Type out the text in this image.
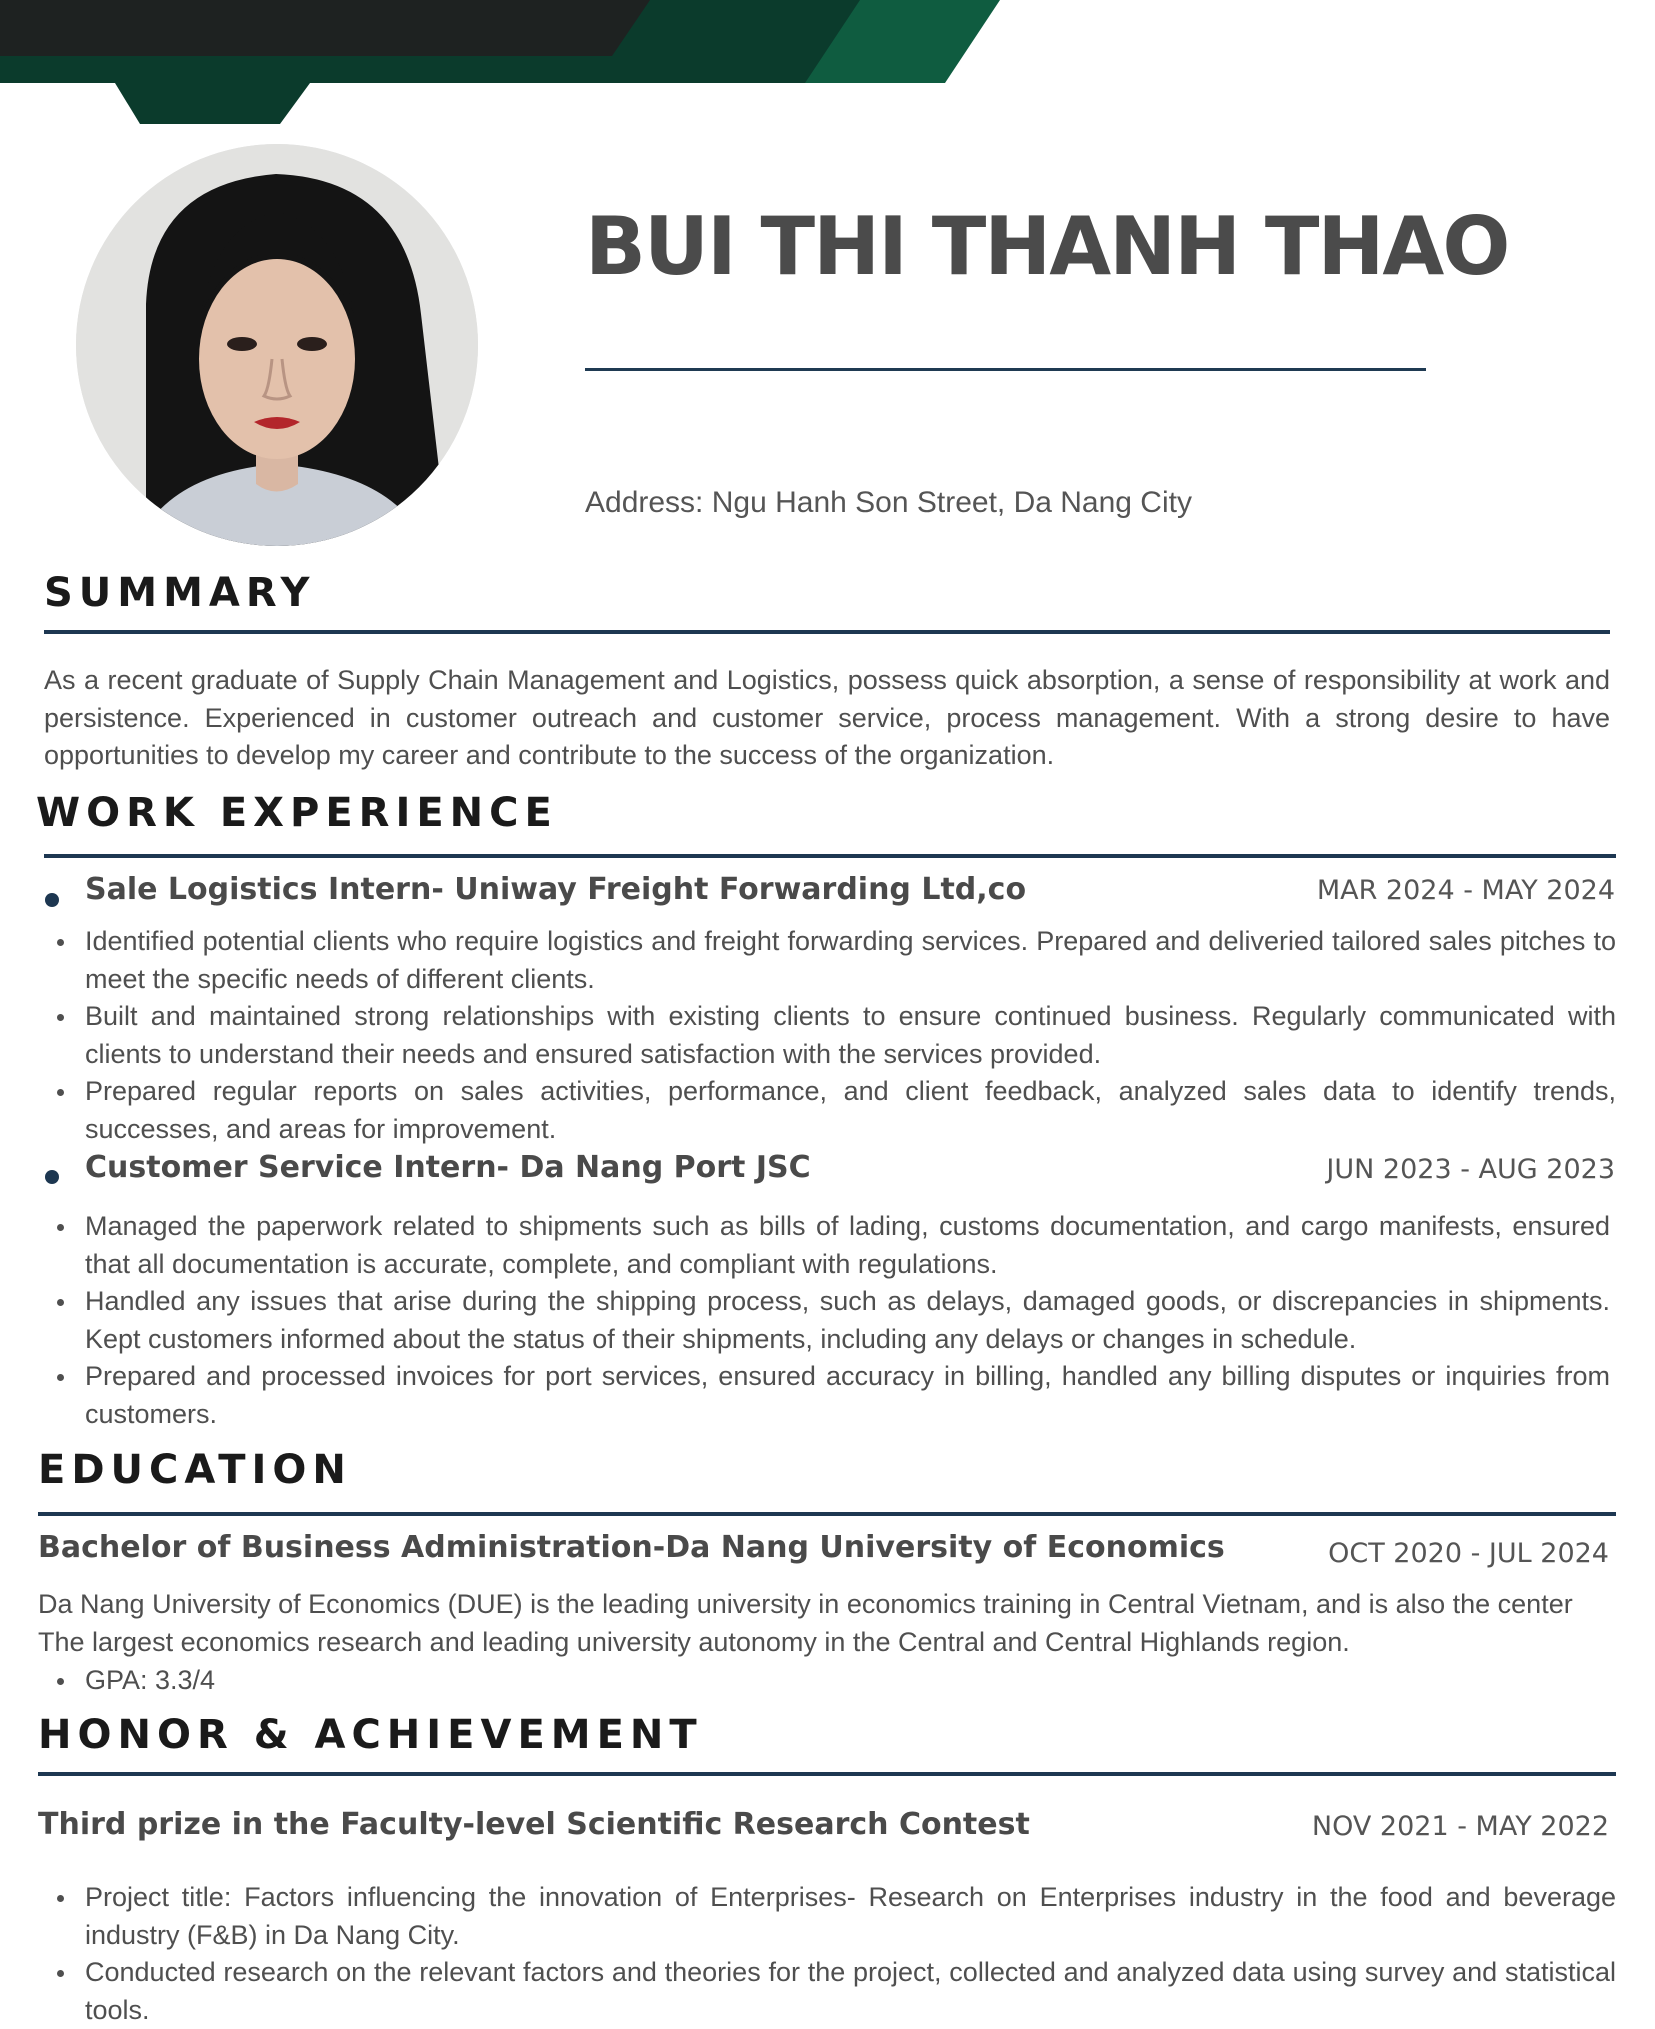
BUI THI THANH THAO
Address: Ngu Hanh Son Street, Da Nang City
SUMMARY

As a recent graduate of Supply Chain Management and Logistics, possess quick absorption, a sense of responsibility at work and persistence. Experienced in customer outreach and customer service, process management. With a strong desire to have opportunities to develop my career and contribute to the success of the organization.

WORK EXPERIENCE
Sale Logistics Intern- Uniway Freight Forwarding Ltd,co	MAR 2024 - MAY 2024
Identified potential clients who require logistics and freight forwarding services. Prepared and deliveried tailored sales pitches to meet the specific needs of different clients.
Built and maintained strong relationships with existing clients to ensure continued business. Regularly communicated with clients to understand their needs and ensured satisfaction with the services provided.
Prepared regular reports on sales activities, performance, and client feedback, analyzed sales data to identify trends, successes, and areas for improvement.
Customer Service Intern- Da Nang Port JSC	JUN 2023 - AUG 2023
Managed the paperwork related to shipments such as bills of lading, customs documentation, and cargo manifests, ensured that all documentation is accurate, complete, and compliant with regulations.
Handled any issues that arise during the shipping process, such as delays, damaged goods, or discrepancies in shipments. Kept customers informed about the status of their shipments, including any delays or changes in schedule.
Prepared and processed invoices for port services, ensured accuracy in billing, handled any billing disputes or inquiries from customers.
EDUCATION
Bachelor of Business Administration-Da Nang University of Economics	OCT 2020 - JUL 2024

Da Nang University of Economics (DUE) is the leading university in economics training in Central Vietnam, and is also the center The largest economics research and leading university autonomy in the Central and Central Highlands region.

GPA: 3.3/4
HONOR & ACHIEVEMENT
Third prize in the Faculty-level Scientific Research Contest	NOV 2021 - MAY 2022
Project title: Factors influencing the innovation of Enterprises- Research on Enterprises industry in the food and beverage industry (F&B) in Da Nang City.
Conducted research on the relevant factors and theories for the project, collected and analyzed data using survey and statistical tools.
